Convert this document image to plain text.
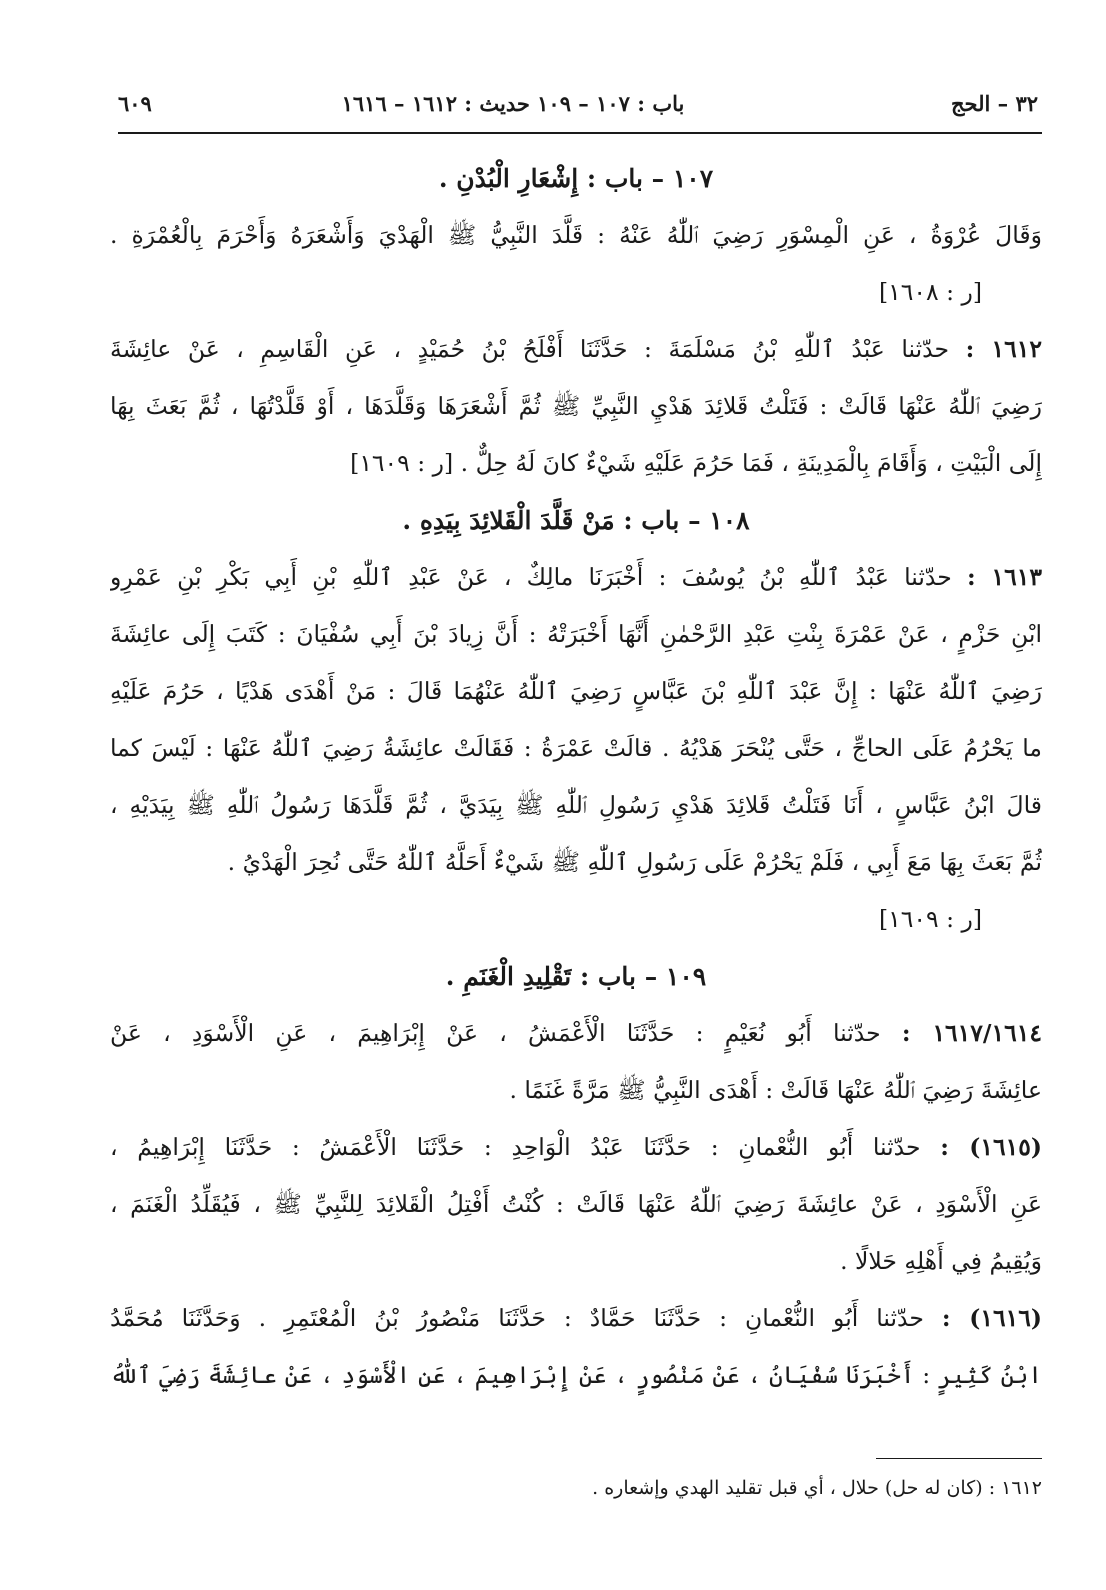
٣٢ – الحج
باب : ١٠٧ – ١٠٩ حديث : ١٦١٢ – ١٦١٦
٦٠٩
١٠٧ – باب : إِشْعَارِ الْبُدْنِ .
وَقَالَ عُرْوَةُ ، عَنِ الْمِسْوَرِ رَضِيَ ٱللّٰهُ عَنْهُ : قَلَّدَ النَّبِيُّ ﷺ الْهَدْيَ وَأَشْعَرَهُ وَأَحْرَمَ بِالْعُمْرَةِ .
[ر : ١٦٠٨]
١٦١٢ : حدّثنا عَبْدُ ٱللّٰهِ بْنُ مَسْلَمَةَ : حَدَّثَنَا أَفْلَحُ بْنُ حُمَيْدٍ ، عَنِ الْقَاسِمِ ، عَنْ عائِشَةَ
رَضِيَ ٱللّٰهُ عَنْهَا قَالَتْ : فَتَلْتُ قَلائِدَ هَدْيِ النَّبِيِّ ﷺ ثُمَّ أَشْعَرَهَا وَقَلَّدَهَا ، أَوْ قَلَّدْتُهَا ، ثُمَّ بَعَثَ بِهَا
إِلَى الْبَيْتِ ، وَأَقَامَ بِالْمَدِينَةِ ، فَمَا حَرُمَ عَلَيْهِ شَيْءٌ كانَ لَهُ حِلٌّ . [ر : ١٦٠٩]
١٠٨ – باب : مَنْ قَلَّدَ الْقَلائِدَ بِيَدِهِ .
١٦١٣ : حدّثنا عَبْدُ ٱللّٰهِ بْنُ يُوسُفَ : أَخْبَرَنَا مالِكٌ ، عَنْ عَبْدِ ٱللّٰهِ بْنِ أَبِي بَكْرِ بْنِ عَمْرِو
ابْنِ حَزْمٍ ، عَنْ عَمْرَةَ بِنْتِ عَبْدِ الرَّحْمٰنِ أَنَّهَا أَخْبَرَتْهُ : أَنَّ زِيادَ بْنَ أَبِي سُفْيَانَ : كَتَبَ إِلَى عائِشَةَ
رَضِيَ ٱللّٰهُ عَنْهَا : إِنَّ عَبْدَ ٱللّٰهِ بْنَ عَبَّاسٍ رَضِيَ ٱللّٰهُ عَنْهُمَا قَالَ : مَنْ أَهْدَى هَدْيًا ، حَرُمَ عَلَيْهِ
ما يَحْرُمُ عَلَى الحاجِّ ، حَتَّى يُنْحَرَ هَدْيُهُ . قالَتْ عَمْرَةُ : فَقَالَتْ عائِشَةُ رَضِيَ ٱللّٰهُ عَنْهَا : لَيْسَ كما
قالَ ابْنُ عَبَّاسٍ ، أَنَا فَتَلْتُ قَلائِدَ هَدْيِ رَسُولِ ٱللّٰهِ ﷺ بِيَدَيَّ ، ثُمَّ قَلَّدَهَا رَسُولُ ٱللّٰهِ ﷺ بِيَدَيْهِ ،
ثُمَّ بَعَثَ بِهَا مَعَ أَبِي ، فَلَمْ يَحْرُمْ عَلَى رَسُولِ ٱللّٰهِ ﷺ شَيْءٌ أَحَلَّهُ ٱللّٰهُ حَتَّى نُحِرَ الْهَدْيُ .
[ر : ١٦٠٩]
١٠٩ – باب : تَقْلِيدِ الْغَنَمِ .
١٦١٧/١٦١٤ : حدّثنا أَبُو نُعَيْمٍ : حَدَّثَنَا الْأَعْمَشُ ، عَنْ إِبْرَاهِيمَ ، عَنِ الْأَسْوَدِ ، عَنْ
عائِشَةَ رَضِيَ ٱللّٰهُ عَنْهَا قَالَتْ : أَهْدَى النَّبِيُّ ﷺ مَرَّةً غَنَمًا .
(١٦١٥) : حدّثنا أَبُو النُّعْمانِ : حَدَّثَنَا عَبْدُ الْوَاحِدِ : حَدَّثَنَا الْأَعْمَشُ : حَدَّثَنَا إِبْرَاهِيمُ ،
عَنِ الْأَسْوَدِ ، عَنْ عائِشَةَ رَضِيَ ٱللّٰهُ عَنْهَا قَالَتْ : كُنْتُ أَفْتِلُ الْقَلائِدَ لِلنَّبِيِّ ﷺ ، فَيُقَلِّدُ الْغَنَمَ ،
وَيُقِيمُ فِي أَهْلِهِ حَلالًا .
(١٦١٦) : حدّثنا أَبُو النُّعْمانِ : حَدَّثَنَا حَمَّادٌ : حَدَّثَنَا مَنْصُورُ بْنُ الْمُعْتَمِرِ . وَحَدَّثَنَا مُحَمَّدُ
ابْنُ كَثِيرٍ : أَخْبَرَنَا سُفْيَانُ ، عَنْ مَنْصُورٍ ، عَنْ إِبْرَاهِيمَ ، عَنِ الْأَسْوَدِ ، عَنْ عائِشَةَ رَضِيَ ٱللّٰهُ
١٦١٢ : (كان له حل) حلال ، أي قبل تقليد الهدي وإشعاره .
